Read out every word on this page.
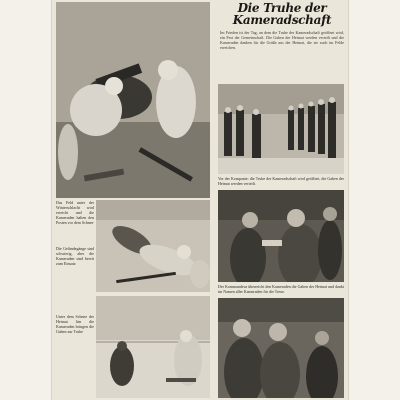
Die Truhe der
Kameradschaft
Im Frieden ist der Tag, an dem die Truhe der Kameradschaft geöffnet wird, ein Fest der Gemeinschaft. Die Gaben der Heimat werden verteilt und die Kameraden danken für die Grüße aus der Heimat, die sie auch im Felde erreichen.
Vor der Kompanie: die Truhe der Kameradschaft wird geöffnet, die Gaben der Heimat werden verteilt.
Der Kommandeur überreicht den Kameraden die Gaben der Heimat und dankt im Namen aller Kameraden für die Treue.
Das Feld unter der Winterschlacht wird erreicht und die Kameraden halten den Posten vor dem Schnee
Die Geländegänge sind schwierig, aber die Kameraden sind bereit zum Einsatz
Unter dem Schnee der Heimat hin die Kameraden bringen die Gaben zur Truhe
